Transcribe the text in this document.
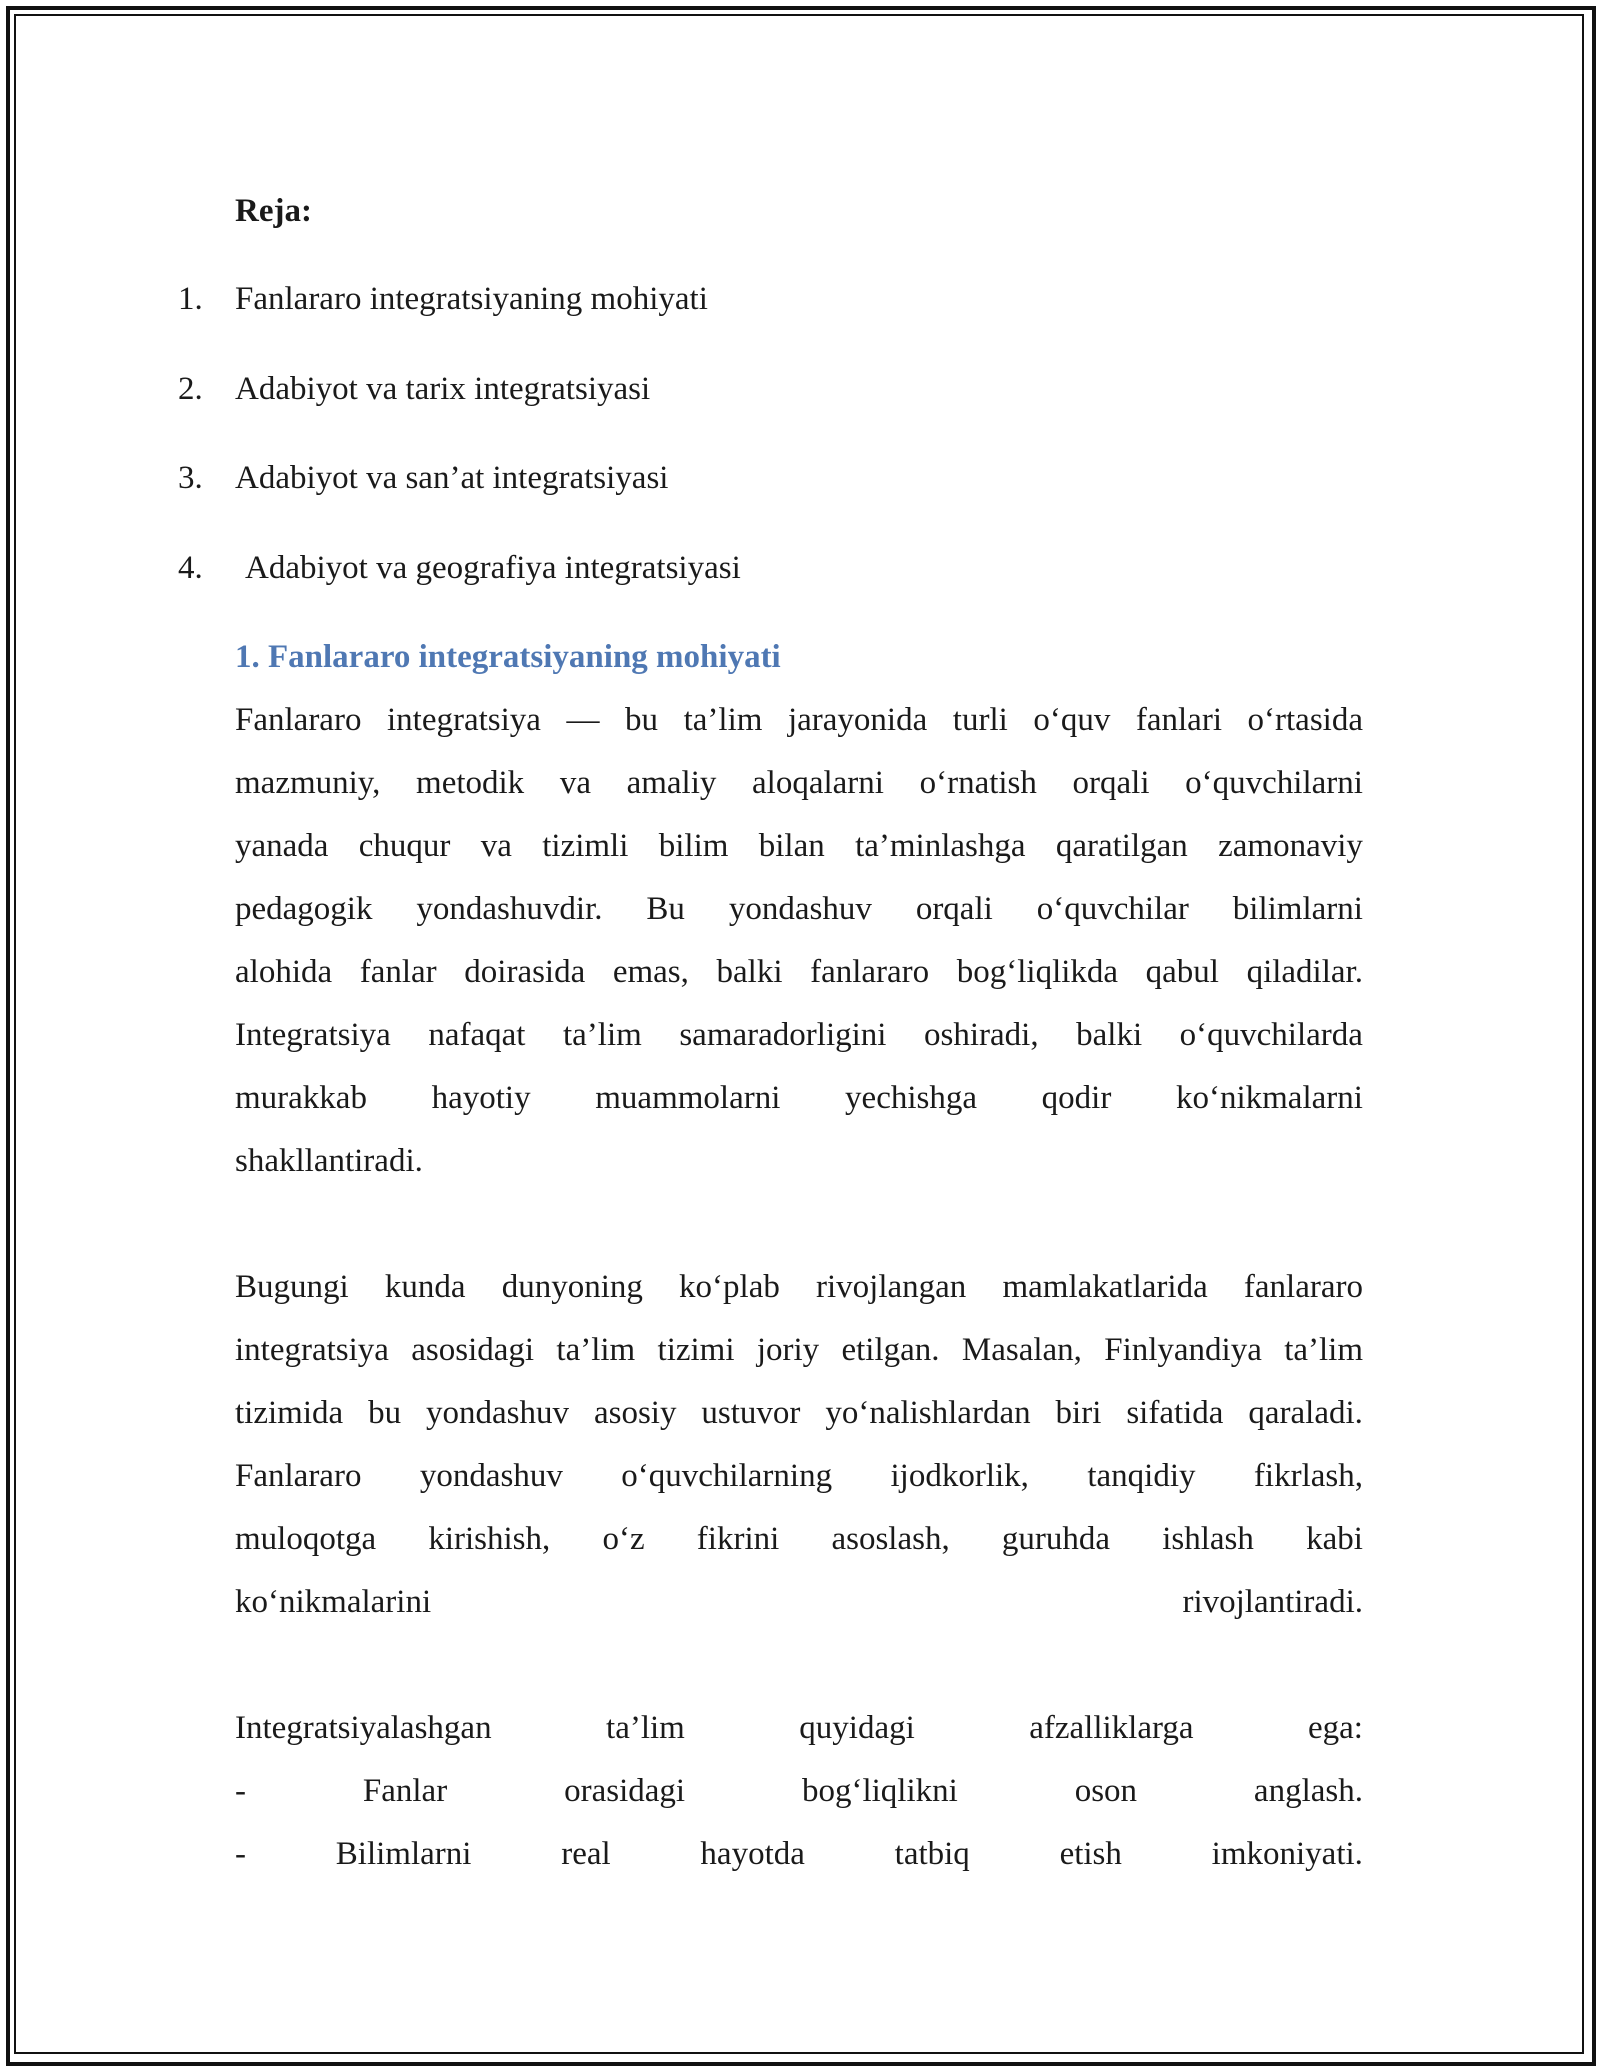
Reja:
1. Fanlararo integratsiyaning mohiyati
2. Adabiyot va tarix integratsiyasi
3. Adabiyot va san’at integratsiyasi
4. Adabiyot va geografiya integratsiyasi
1. Fanlararo integratsiyaning mohiyati
Fanlararo integratsiya — bu ta’lim jarayonida turli o‘quv fanlari o‘rtasida
mazmuniy, metodik va amaliy aloqalarni o‘rnatish orqali o‘quvchilarni
yanada chuqur va tizimli bilim bilan ta’minlashga qaratilgan zamonaviy
pedagogik yondashuvdir. Bu yondashuv orqali o‘quvchilar bilimlarni
alohida fanlar doirasida emas, balki fanlararo bog‘liqlikda qabul qiladilar.
Integratsiya nafaqat ta’lim samaradorligini oshiradi, balki o‘quvchilarda
murakkab hayotiy muammolarni yechishga qodir ko‘nikmalarni
shakllantiradi.
Bugungi kunda dunyoning ko‘plab rivojlangan mamlakatlarida fanlararo
integratsiya asosidagi ta’lim tizimi joriy etilgan. Masalan, Finlyandiya ta’lim
tizimida bu yondashuv asosiy ustuvor yo‘nalishlardan biri sifatida qaraladi.
Fanlararo yondashuv o‘quvchilarning ijodkorlik, tanqidiy fikrlash,
muloqotga kirishish, o‘z fikrini asoslash, guruhda ishlash kabi
ko‘nikmalarini	rivojlantiradi.
Integratsiyalashgan	ta’lim	quyidagi	afzalliklarga	ega:
-	Fanlar	orasidagi	bog‘liqlikni	oson	anglash.
-	Bilimlarni	real	hayotda	tatbiq	etish	imkoniyati.
